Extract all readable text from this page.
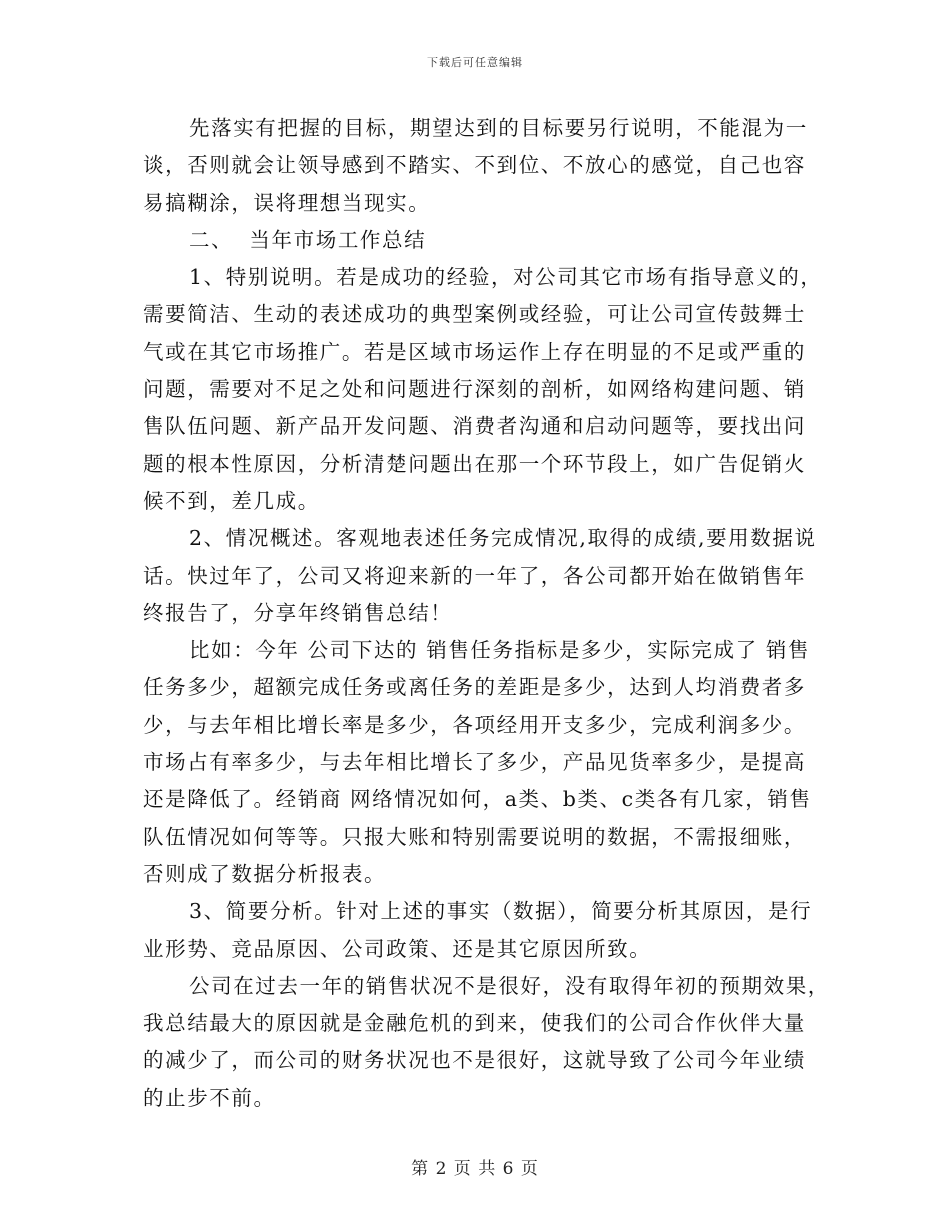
下载后可任意编辑
先落实有把握的目标，期望达到的目标要另行说明，不能混为一
谈，否则就会让领导感到不踏实、不到位、不放心的感觉，自己也容
易搞糊涂，误将理想当现实。
二、  当年市场工作总结
1、特别说明。若是成功的经验，对公司其它市场有指导意义的，
需要简洁、生动的表述成功的典型案例或经验，可让公司宣传鼓舞士
气或在其它市场推广。若是区域市场运作上存在明显的不足或严重的
问题，需要对不足之处和问题进行深刻的剖析，如网络构建问题、销
售队伍问题、新产品开发问题、消费者沟通和启动问题等，要找出问
题的根本性原因，分析清楚问题出在那一个环节段上，如广告促销火
候不到，差几成。
2、情况概述。客观地表述任务完成情况,取得的成绩,要用数据说
话。快过年了，公司又将迎来新的一年了，各公司都开始在做销售年
终报告了，分享年终销售总结！
比如：今年 公司下达的 销售任务指标是多少，实际完成了 销售
任务多少，超额完成任务或离任务的差距是多少，达到人均消费者多
少，与去年相比增长率是多少，各项经用开支多少，完成利润多少。
市场占有率多少，与去年相比增长了多少，产品见货率多少，是提高
还是降低了。经销商 网络情况如何，a类、b类、c类各有几家，销售
队伍情况如何等等。只报大账和特别需要说明的数据，不需报细账，
否则成了数据分析报表。
3、简要分析。针对上述的事实（数据），简要分析其原因，是行
业形势、竞品原因、公司政策、还是其它原因所致。
公司在过去一年的销售状况不是很好，没有取得年初的预期效果，
我总结最大的原因就是金融危机的到来，使我们的公司合作伙伴大量
的减少了，而公司的财务状况也不是很好，这就导致了公司今年业绩
的止步不前。
第 2 页 共 6 页
